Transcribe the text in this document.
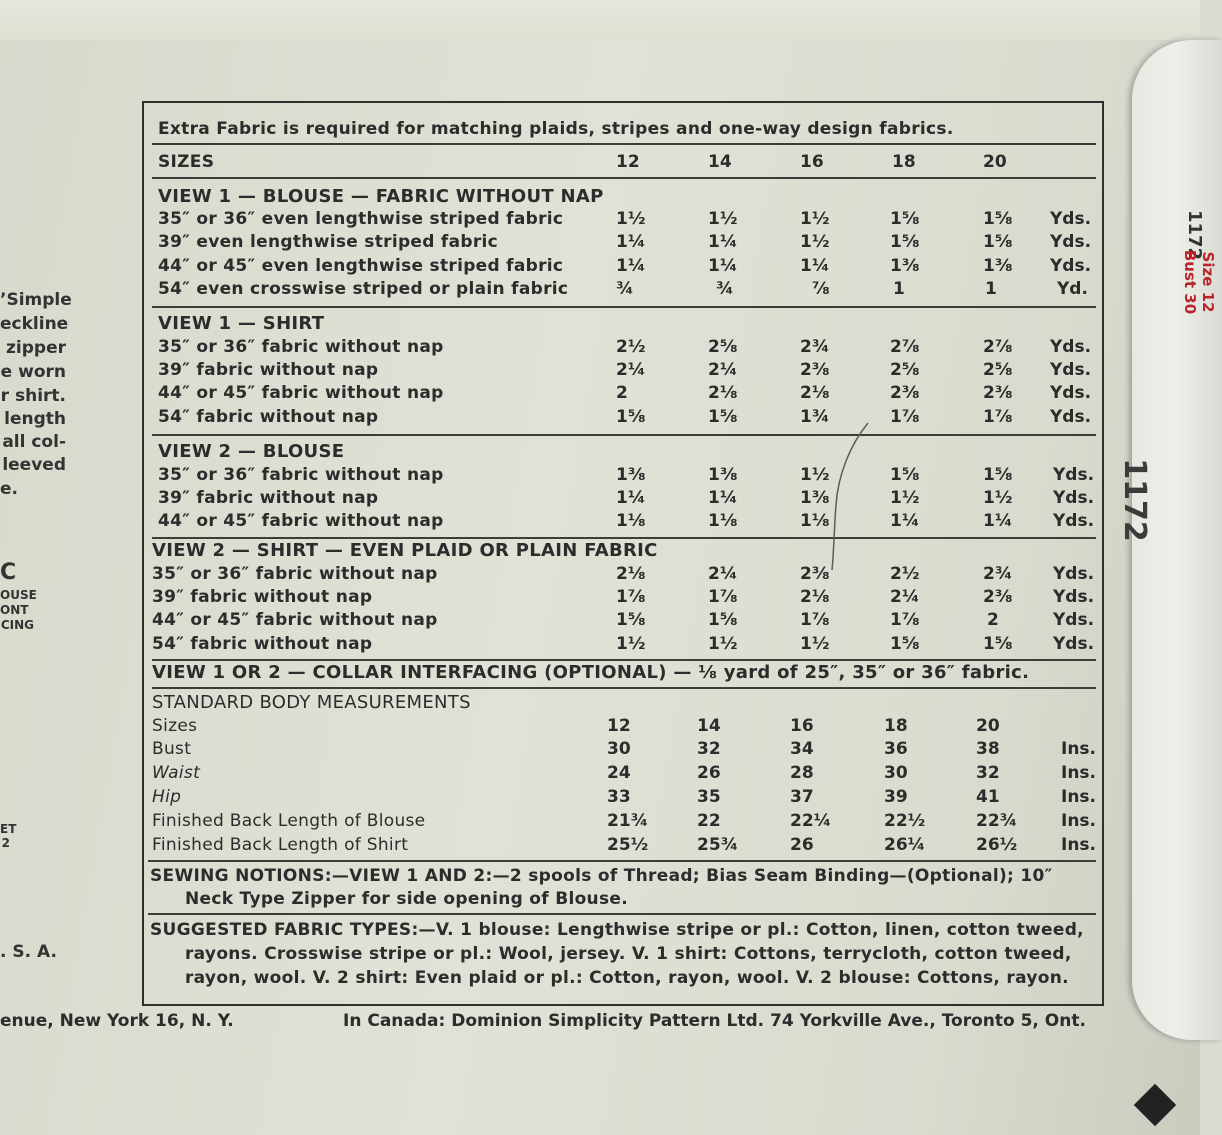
1172
1172
Size 12 Bust 30
’Simple
eckline
zipper
e worn
r shirt.
length
all col-
leeved
e.
C
OUSE
ONT
CING
ET
2
. S. A.
Extra Fabric is required for matching plaids, stripes and one-way design fabrics.
SIZES	12	14	16	18	20
VIEW 1 — BLOUSE — FABRIC WITHOUT NAP
35″ or 36″ even lengthwise striped fabric	1½	1½	1½	1⅝	1⅝ Yds.
39″ even lengthwise striped fabric	1¼	1¼	1½	1⅝	1⅝ Yds.
44″ or 45″ even lengthwise striped fabric	1¼	1¼	1¼	1⅜	1⅜ Yds.
54″ even crosswise striped or plain fabric	¾	¾	⅞	1	1	Yd.
VIEW 1 — SHIRT
35″ or 36″ fabric without nap	2½	2⅝	2¾	2⅞	2⅞ Yds.
39″ fabric without nap	2¼	2¼	2⅜	2⅝	2⅝ Yds.
44″ or 45″ fabric without nap	2	2⅛	2⅛	2⅜	2⅜ Yds.
54″ fabric without nap	1⅝	1⅝	1¾	1⅞	1⅞ Yds.
VIEW 2 — BLOUSE
35″ or 36″ fabric without nap	1⅜	1⅜	1½	1⅝	1⅝ Yds.
39″ fabric without nap	1¼	1¼	1⅜	1½	1½ Yds.
44″ or 45″ fabric without nap	1⅛	1⅛	1⅛	1¼	1¼ Yds.
VIEW 2 — SHIRT — EVEN PLAID OR PLAIN FABRIC
35″ or 36″ fabric without nap	2⅛	2¼	2⅜	2½	2¾ Yds.
39″ fabric without nap	1⅞	1⅞	2⅛	2¼	2⅜ Yds.
44″ or 45″ fabric without nap	1⅝	1⅝	1⅞	1⅞	2	Yds.
54″ fabric without nap	1½	1½	1½	1⅝	1⅝ Yds.
VIEW 1 OR 2 — COLLAR INTERFACING (OPTIONAL) — ⅛ yard of 25″, 35″ or 36″ fabric.
STANDARD BODY MEASUREMENTS
Sizes	12	14	16	18	20
Bust	30	32	34	36	38	Ins.
Waist	24	26	28	30	32	Ins.
Hip	33	35	37	39	41	Ins.
Finished Back Length of Blouse	21¾	22	22¼	22½	22¾	Ins.
Finished Back Length of Shirt	25½	25¾	26	26¼	26½	Ins.
SEWING NOTIONS:—VIEW 1 AND 2:—2 spools of Thread; Bias Seam Binding—(Optional); 10″
Neck Type Zipper for side opening of Blouse.
SUGGESTED FABRIC TYPES:—V. 1 blouse: Lengthwise stripe or pl.: Cotton, linen, cotton tweed,
rayons. Crosswise stripe or pl.: Wool, jersey. V. 1 shirt: Cottons, terrycloth, cotton tweed,
rayon, wool. V. 2 shirt: Even plaid or pl.: Cotton, rayon, wool. V. 2 blouse: Cottons, rayon.
enue, New York 16, N. Y.	In Canada: Dominion Simplicity Pattern Ltd. 74 Yorkville Ave., Toronto 5, Ont.
